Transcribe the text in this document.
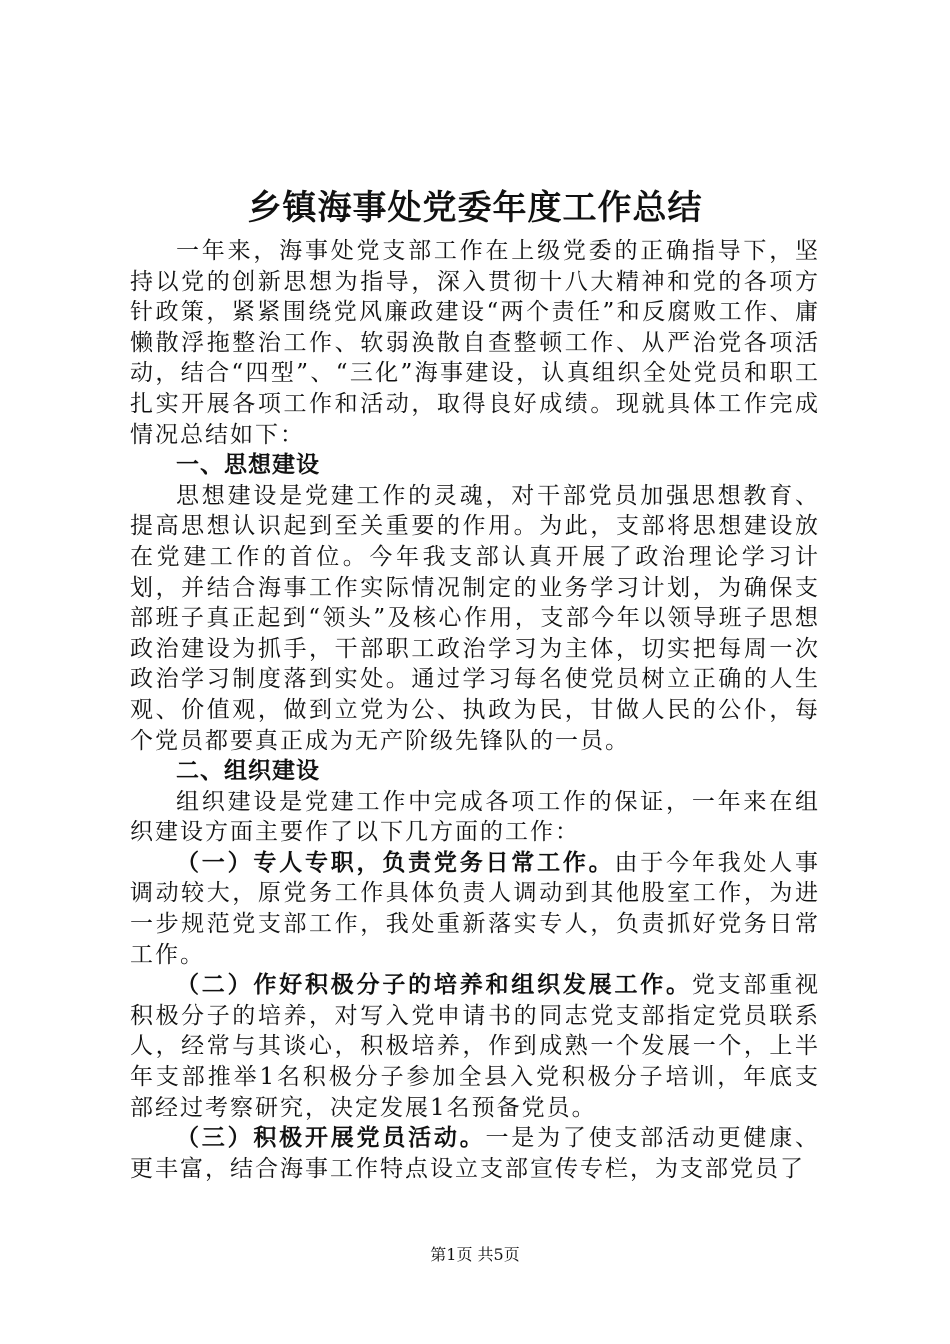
乡镇海事处党委年度工作总结

一年来，海事处党支部工作在上级党委的正确指导下，坚持以党的创新思想为指导，深入贯彻十八大精神和党的各项方针政策，紧紧围绕党风廉政建设“两个责任”和反腐败工作、庸懒散浮拖整治工作、软弱涣散自查整顿工作、从严治党各项活动，结合“四型”、“三化”海事建设，认真组织全处党员和职工扎实开展各项工作和活动，取得良好成绩。现就具体工作完成情况总结如下：

一、思想建设

思想建设是党建工作的灵魂，对干部党员加强思想教育、提高思想认识起到至关重要的作用。为此，支部将思想建设放在党建工作的首位。今年我支部认真开展了政治理论学习计划，并结合海事工作实际情况制定的业务学习计划，为确保支部班子真正起到“领头”及核心作用，支部今年以领导班子思想政治建设为抓手，干部职工政治学习为主体，切实把每周一次政治学习制度落到实处。通过学习每名使党员树立正确的人生观、价值观，做到立党为公、执政为民，甘做人民的公仆，每个党员都要真正成为无产阶级先锋队的一员。

二、组织建设

组织建设是党建工作中完成各项工作的保证，一年来在组织建设方面主要作了以下几方面的工作：

（一）专人专职，负责党务日常工作。由于今年我处人事调动较大，原党务工作具体负责人调动到其他股室工作，为进一步规范党支部工作，我处重新落实专人，负责抓好党务日常工作。

（二）作好积极分子的培养和组织发展工作。党支部重视积极分子的培养，对写入党申请书的同志党支部指定党员联系人，经常与其谈心，积极培养，作到成熟一个发展一个，上半年支部推举1名积极分子参加全县入党积极分子培训，年底支部经过考察研究，决定发展1名预备党员。

（三）积极开展党员活动。一是为了使支部活动更健康、更丰富，结合海事工作特点设立支部宣传专栏，为支部党员了

第1页 共5页
